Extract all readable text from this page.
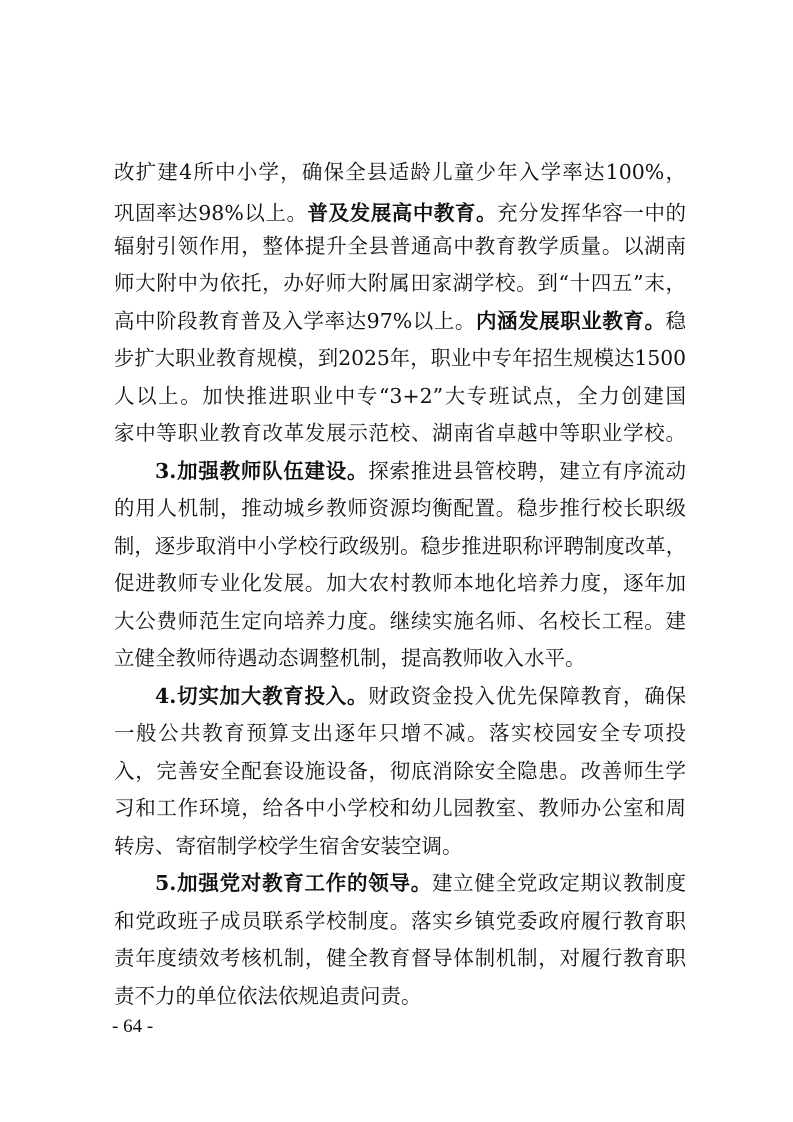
改扩建4所中小学，确保全县适龄儿童少年入学率达100%，
巩固率达98%以上。普及发展高中教育。充分发挥华容一中的
辐射引领作用，整体提升全县普通高中教育教学质量。以湖南
师大附中为依托，办好师大附属田家湖学校。到“十四五”末，
高中阶段教育普及入学率达97%以上。内涵发展职业教育。稳
步扩大职业教育规模，到2025年，职业中专年招生规模达1500
人以上。加快推进职业中专“3+2”大专班试点，全力创建国
家中等职业教育改革发展示范校、湖南省卓越中等职业学校。
3.加强教师队伍建设。探索推进县管校聘，建立有序流动
的用人机制，推动城乡教师资源均衡配置。稳步推行校长职级
制，逐步取消中小学校行政级别。稳步推进职称评聘制度改革，
促进教师专业化发展。加大农村教师本地化培养力度，逐年加
大公费师范生定向培养力度。继续实施名师、名校长工程。建
立健全教师待遇动态调整机制，提高教师收入水平。
4.切实加大教育投入。财政资金投入优先保障教育，确保
一般公共教育预算支出逐年只增不减。落实校园安全专项投
入，完善安全配套设施设备，彻底消除安全隐患。改善师生学
习和工作环境，给各中小学校和幼儿园教室、教师办公室和周
转房、寄宿制学校学生宿舍安装空调。
5.加强党对教育工作的领导。建立健全党政定期议教制度
和党政班子成员联系学校制度。落实乡镇党委政府履行教育职
责年度绩效考核机制，健全教育督导体制机制，对履行教育职
责不力的单位依法依规追责问责。
- 64 -
